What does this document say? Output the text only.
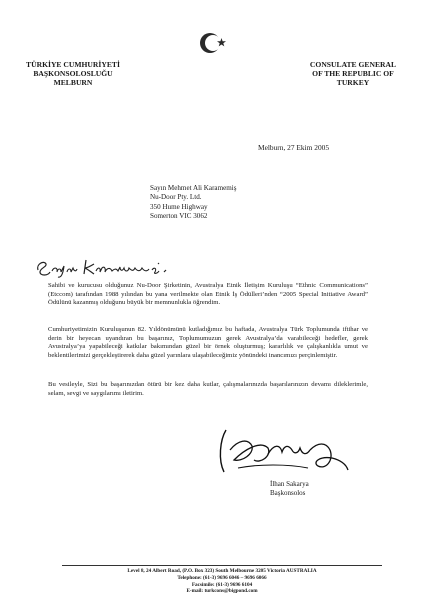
TÜRKİYE CUMHURİYETİ
BAŞKONSOLOSLUĞU
MELBURN
CONSULATE GENERAL
OF THE REPUBLIC OF
TURKEY
Melburn, 27 Ekim 2005
Sayın Mehmet Ali Karamemiş
Nu-Door Pty. Ltd.
350 Hume Highway
Somerton VIC 3062
Sahibi ve kurucusu olduğunuz Nu-Door Şirketinin, Avustralya Etnik İletişim Kuruluşu “Ethnic Communications” (Etccom) tarafından 1988 yılından bu yana verilmekte olan Etnik İş Ödülleri’nden “2005 Special Initiative Award” Ödülünü kazanmış olduğunu büyük bir memnunlukla öğrendim.
Cumhuriyetimizin Kuruluşunun 82. Yıldönümünü kutladığımız bu haftada, Avustralya Türk Toplumunda iftihar ve derin bir heyecan uyandıran bu başarınız, Toplumumuzun gerek Avustralya’da varabileceği hedefler, gerek Avustralya’ya yapabileceği katkılar bakımından güzel bir örnek oluşturmuş; kararlılık ve çalışkanlıkla umut ve beklentilerimizi gerçekleştirerek daha güzel yarınlara ulaşabileceğimiz yönündeki inancımızı perçinlemiştir.
Bu vesileyle, Sizi bu başarınızdan ötürü bir kez daha kutlar, çalışmalarınızda başarılarınızın devamı dileklerimle, selam, sevgi ve saygılarımı iletirim.
İlhan Sakarya
Başkonsolos
Level 8, 24 Albert Road, (P.O. Box 323) South Melbourne 3205 Victoria AUSTRALIA
Telephone: (61-3) 9696 6046 – 9696 6066
Facsimile: (61-3) 9696 6104
E-mail: turkcons@bigpond.com
